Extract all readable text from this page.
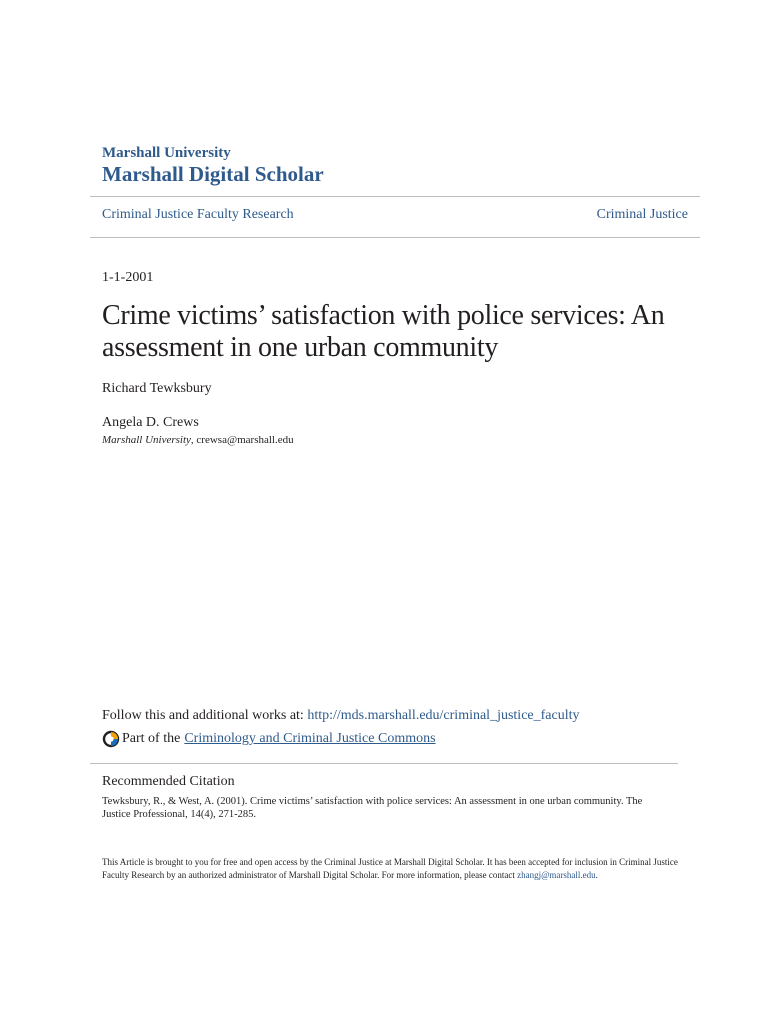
Marshall University
Marshall Digital Scholar
Criminal Justice Faculty Research	Criminal Justice
1-1-2001
Crime victims’ satisfaction with police services: An assessment in one urban community
Richard Tewksbury
Angela D. Crews
Marshall University, crewsa@marshall.edu
Follow this and additional works at: http://mds.marshall.edu/criminal_justice_faculty
Part of the Criminology and Criminal Justice Commons
Recommended Citation
Tewksbury, R., & West, A. (2001). Crime victims’ satisfaction with police services: An assessment in one urban community. The Justice Professional, 14(4), 271-285.
This Article is brought to you for free and open access by the Criminal Justice at Marshall Digital Scholar. It has been accepted for inclusion in Criminal Justice Faculty Research by an authorized administrator of Marshall Digital Scholar. For more information, please contact zhangj@marshall.edu.
